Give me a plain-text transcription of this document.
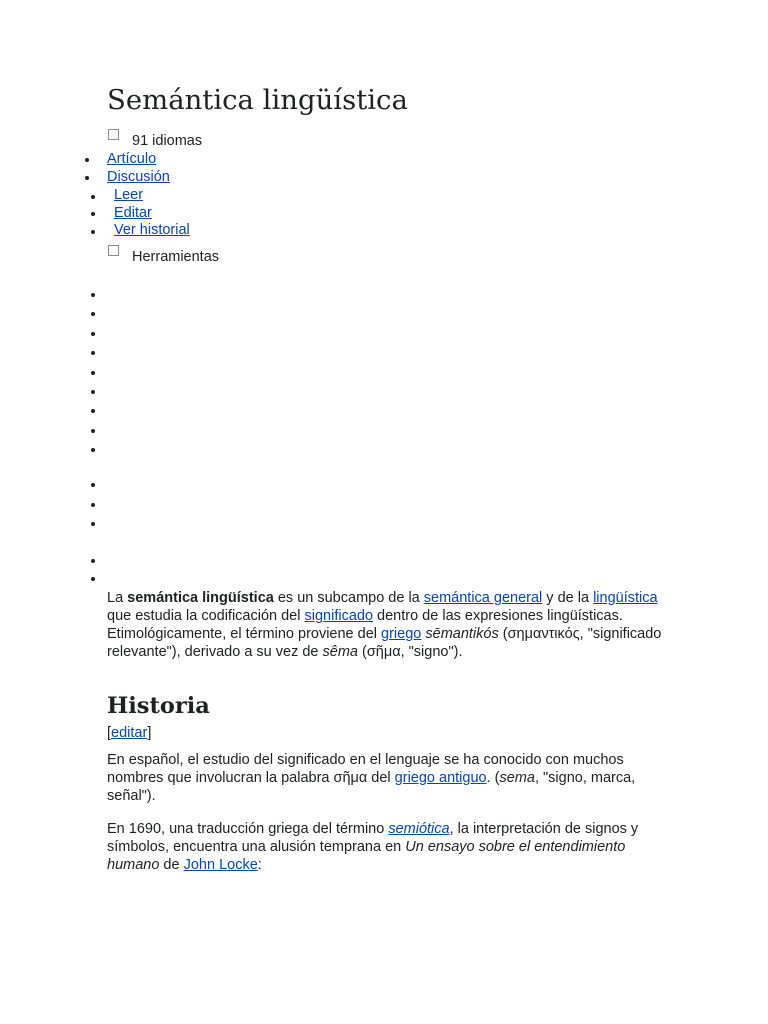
Semántica lingüística
91 idiomas
Artículo
Discusión
Leer
Editar
Ver historial
Herramientas

La semántica lingüística es un subcampo de la semántica general y de la lingüística que estudia la codificación del significado dentro de las expresiones lingüísticas. Etimológicamente, el término proviene del griego sēmantikós (σημαντικός, "significado relevante"), derivado a su vez de sêma (σῆμα, "signo").

Historia
[editar]

En español, el estudio del significado en el lenguaje se ha conocido con muchos nombres que involucran la palabra σῆμα del griego antiguo. (sema, "signo, marca, señal").

En 1690, una traducción griega del término semiótica, la interpretación de signos y símbolos, encuentra una alusión temprana en Un ensayo sobre el entendimiento humano de John Locke:
